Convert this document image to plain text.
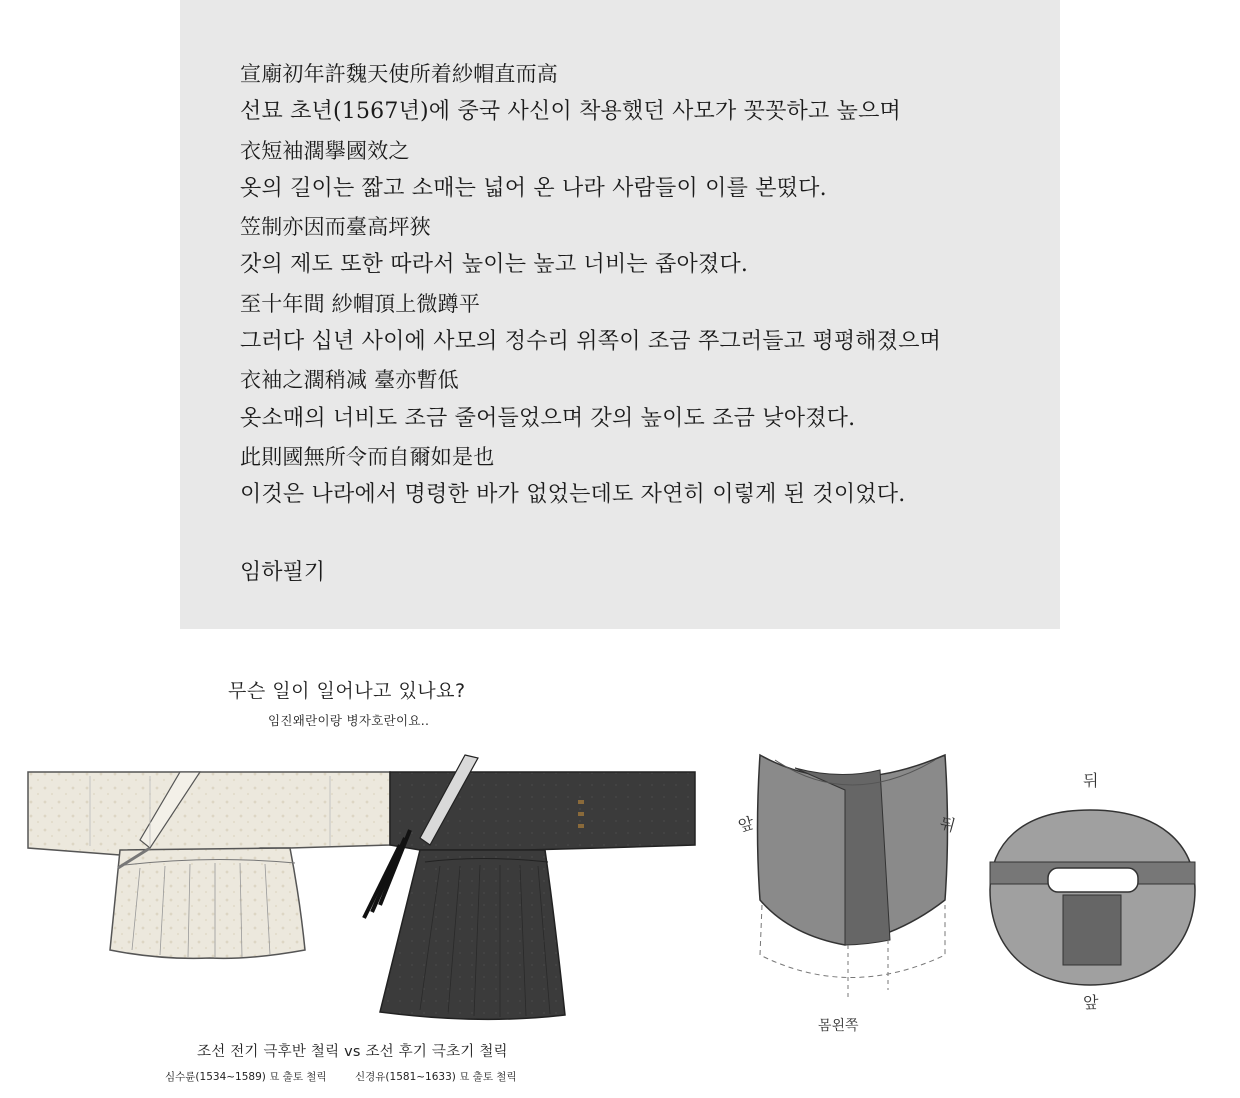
宣廟初年許魏天使所着紗帽直而高
선묘 초년(1567년)에 중국 사신이 착용했던 사모가 꼿꼿하고 높으며
衣短袖濶擧國效之
옷의 길이는 짧고 소매는 넓어 온 나라 사람들이 이를 본떴다.
笠制亦因而臺高坪狹
갓의 제도 또한 따라서 높이는 높고 너비는 좁아졌다.
至十年間 紗帽頂上微蹲平
그러다 십년 사이에 사모의 정수리 위쪽이 조금 쭈그러들고 평평해졌으며
衣袖之濶稍减 臺亦暫低
옷소매의 너비도 조금 줄어들었으며 갓의 높이도 조금 낮아졌다.
此則國無所令而自爾如是也
이것은 나라에서 명령한 바가 없었는데도 자연히 이렇게 된 것이었다.
임하필기
무슨 일이 일어나고 있나요?
임진왜란이랑 병자호란이요..
앞	뒤
몸왼쪽
뒤
앞
조선 전기 극후반 철릭 vs 조선 후기 극초기 철릭
심수륜(1534~1589) 묘 출토 철릭	신경유(1581~1633) 묘 출토 철릭
